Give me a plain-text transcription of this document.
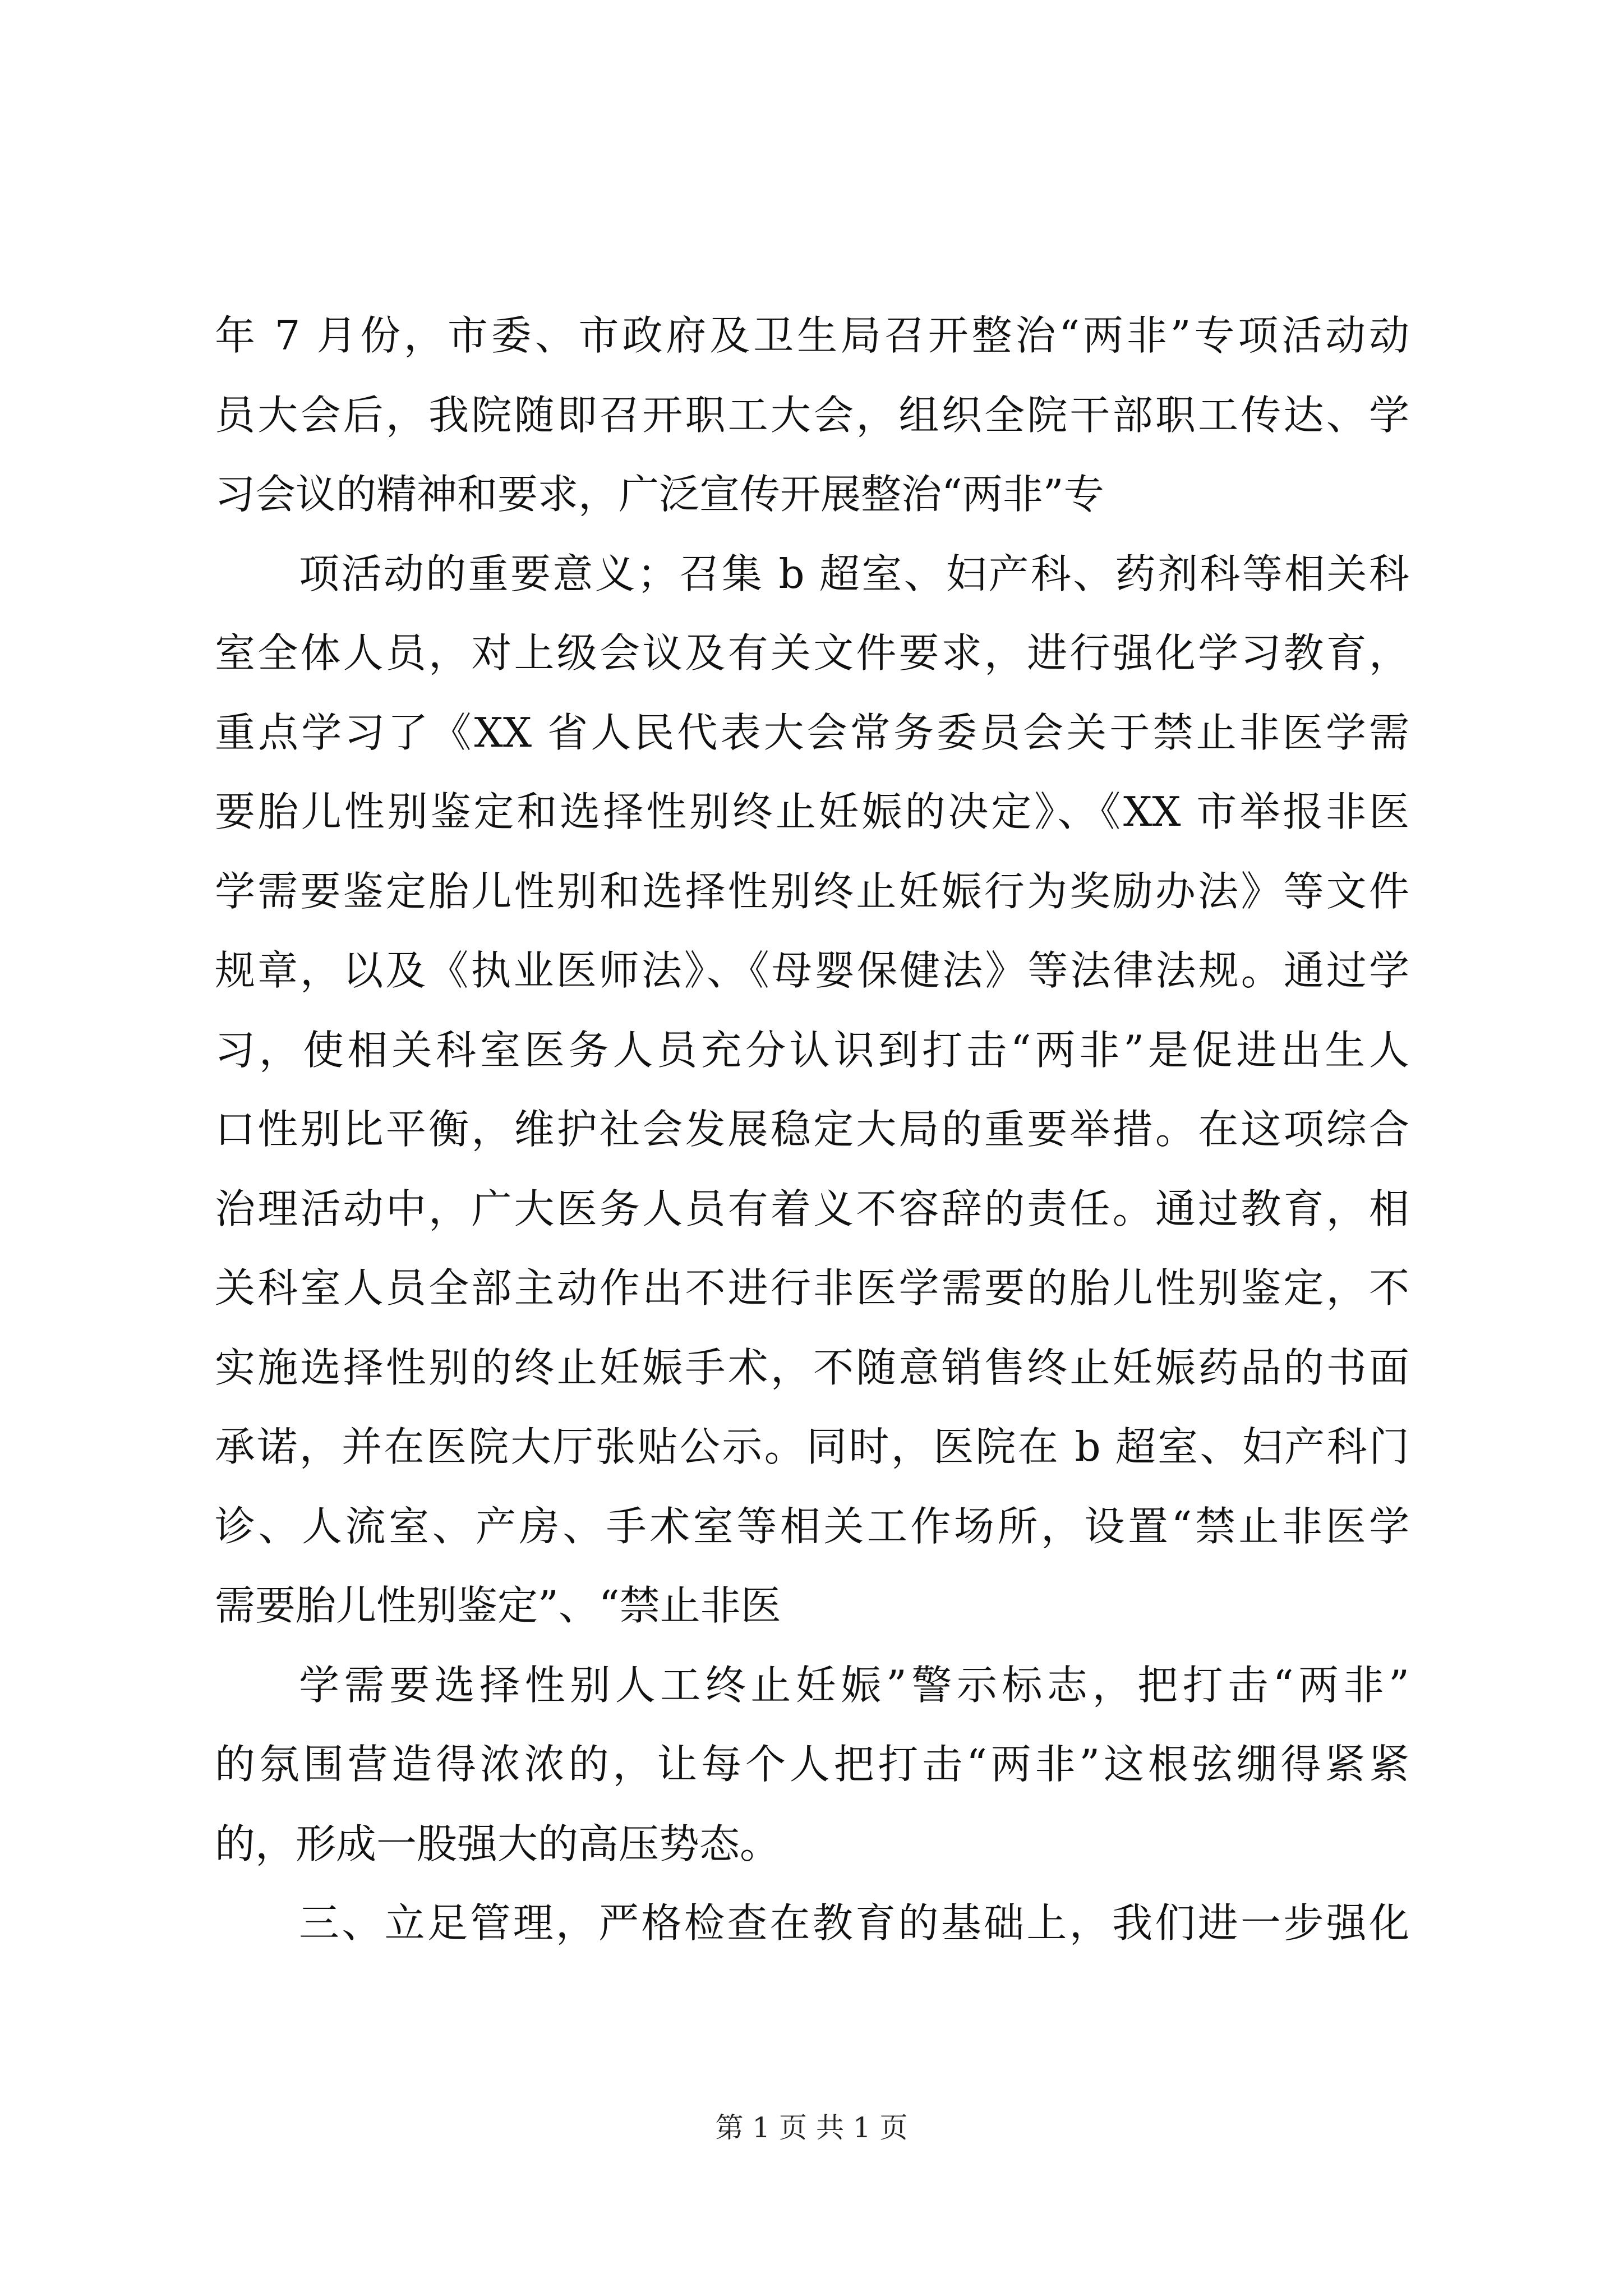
年 7 月份，市委、市政府及卫生局召开整治“两非”专项活动动
员大会后，我院随即召开职工大会，组织全院干部职工传达、学
习会议的精神和要求，广泛宣传开展整治“两非”专
项活动的重要意义；召集 b 超室、妇产科、药剂科等相关科
室全体人员，对上级会议及有关文件要求，进行强化学习教育，
重点学习了《XX 省人民代表大会常务委员会关于禁止非医学需
要胎儿性别鉴定和选择性别终止妊娠的决定》、《XX 市举报非医
学需要鉴定胎儿性别和选择性别终止妊娠行为奖励办法》等文件
规章，以及《执业医师法》、《母婴保健法》等法律法规。通过学
习，使相关科室医务人员充分认识到打击“两非”是促进出生人
口性别比平衡，维护社会发展稳定大局的重要举措。在这项综合
治理活动中，广大医务人员有着义不容辞的责任。通过教育，相
关科室人员全部主动作出不进行非医学需要的胎儿性别鉴定，不
实施选择性别的终止妊娠手术，不随意销售终止妊娠药品的书面
承诺，并在医院大厅张贴公示。同时，医院在 b 超室、妇产科门
诊、人流室、产房、手术室等相关工作场所，设置“禁止非医学
需要胎儿性别鉴定”、“禁止非医
学需要选择性别人工终止妊娠”警示标志，把打击“两非”
的氛围营造得浓浓的，让每个人把打击“两非”这根弦绷得紧紧
的，形成一股强大的高压势态。
三、立足管理，严格检查在教育的基础上，我们进一步强化
第 1 页 共 1 页
